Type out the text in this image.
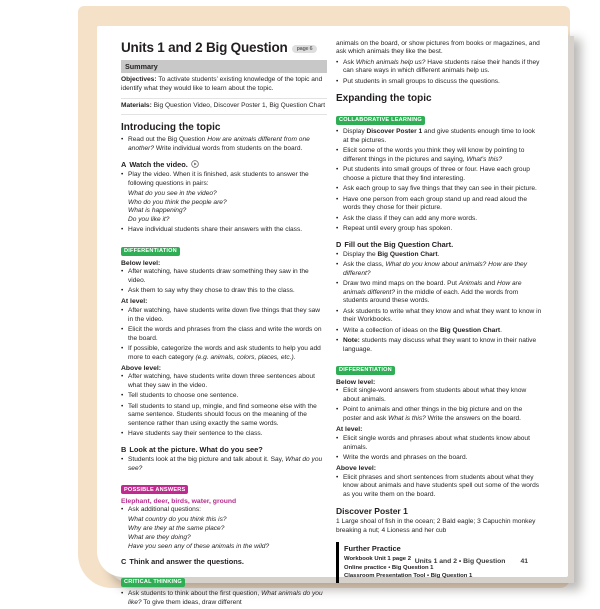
Units 1 and 2 Big Question page 6
Summary
Objectives: To activate students’ existing knowledge of the topic and identify what they would like to learn about the topic.
Materials: Big Question Video, Discover Poster 1, Big Question Chart
Introducing the topic
•
Read out the Big Question How are animals different from one another? Write individual words from students on the board.
A Watch the video.
•
Play the video. When it is finished, ask students to answer the following questions in pairs:
What do you see in the video?
Who do you think the people are?
What is happening?
Do you like it?
•
Have individual students share their answers with the class.
DIFFERENTIATION
Below level:
•
After watching, have students draw something they saw in the video.
•
Ask them to say why they chose to draw this to the class.
At level:
•
After watching, have students write down five things that they saw in the video.
•
Elicit the words and phrases from the class and write the words on the board.
•
If possible, categorize the words and ask students to help you add more to each category (e.g. animals, colors, places, etc.).
Above level:
•
After watching, have students write down three sentences about what they saw in the video.
•
Tell students to choose one sentence.
•
Tell students to stand up, mingle, and find someone else with the same sentence. Students should focus on the meaning of the sentence rather than using exactly the same words.
•
Have students say their sentence to the class.
B Look at the picture. What do you see?
•
Students look at the big picture and talk about it. Say, What do you see?
POSSIBLE ANSWERS
Elephant, deer, birds, water, ground
•
Ask additional questions:
What country do you think this is?
Why are they at the same place?
What are they doing?
Have you seen any of these animals in the wild?
C Think and answer the questions.
CRITICAL THINKING
•
Ask students to think about the first question, What animals do you like? To give them ideas, draw different
animals on the board, or show pictures from books or magazines, and ask which animals they like the best.
•
Ask Which animals help us? Have students raise their hands if they can share ways in which different animals help us.
•
Put students in small groups to discuss the questions.
Expanding the topic
COLLABORATIVE LEARNING
•
Display Discover Poster 1 and give students enough time to look at the pictures.
•
Elicit some of the words you think they will know by pointing to different things in the pictures and saying, What’s this?
•
Put students into small groups of three or four. Have each group choose a picture that they find interesting.
•
Ask each group to say five things that they can see in their picture.
•
Have one person from each group stand up and read aloud the words they chose for their picture.
•
Ask the class if they can add any more words.
•
Repeat until every group has spoken.
D Fill out the Big Question Chart.
•
Display the Big Question Chart.
•
Ask the class, What do you know about animals? How are they different?
•
Draw two mind maps on the board. Put Animals and How are animals different? in the middle of each. Add the words from students around these words.
•
Ask students to write what they know and what they want to know in their Workbooks.
•
Write a collection of ideas on the Big Question Chart.
•
Note: students may discuss what they want to know in their native language.
DIFFERENTIATION
Below level:
•
Elicit single-word answers from students about what they know about animals.
•
Point to animals and other things in the big picture and on the poster and ask What is this? Write the answers on the board.
At level:
•
Elicit single words and phrases about what students know about animals.
•
Write the words and phrases on the board.
Above level:
•
Elicit phrases and short sentences from students about what they know about animals and have students spell out some of the words as you write them on the board.
Discover Poster 1
1 Large shoal of fish in the ocean; 2 Bald eagle; 3 Capuchin monkey breaking a nut; 4 Lioness and her cub
Further Practice
Workbook Unit 1 page 2
Online practice • Big Question 1
Classroom Presentation Tool • Big Question 1
Units 1 and 2 • Big Question 41
